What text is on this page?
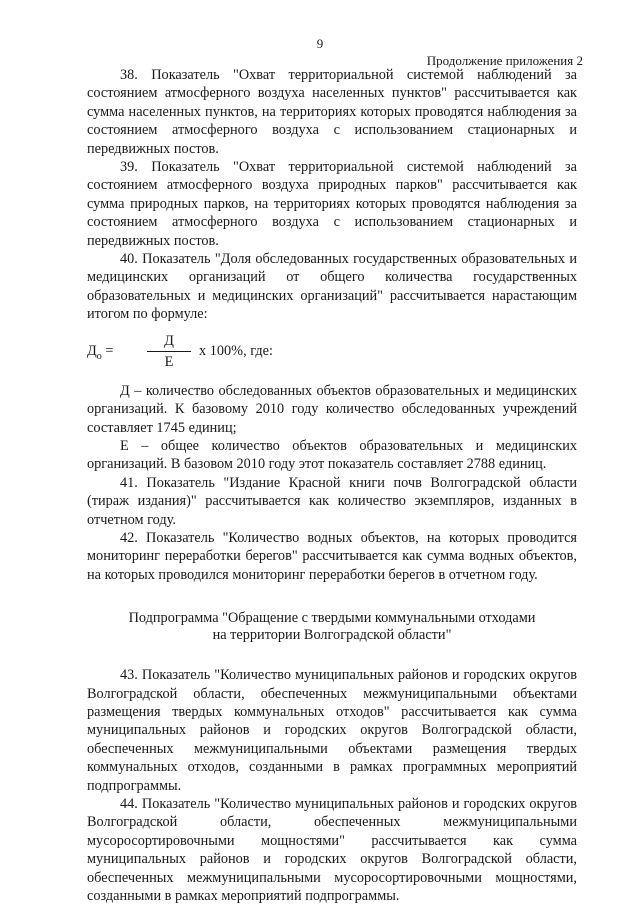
9
Продолжение приложения 2

38. Показатель "Охват территориальной системой наблюдений за состоянием атмосферного воздуха населенных пунктов" рассчитывается как сумма населенных пунктов, на территориях которых проводятся наблюдения за состоянием атмосферного воздуха с использованием стационарных и передвижных постов.

39. Показатель "Охват территориальной системой наблюдений за состоянием атмосферного воздуха природных парков" рассчитывается как сумма природных парков, на территориях которых проводятся наблюдения за состоянием атмосферного воздуха с использованием стационарных и передвижных постов.

40. Показатель "Доля обследованных государственных образовательных и медицинских организаций от общего количества государственных образовательных и медицинских организаций" рассчитывается нарастающим итогом по формуле:

$Д_о$ =
Д
Е
x 100%, где:

Д – количество обследованных объектов образовательных и медицинских организаций. К базовому 2010 году количество обследованных учреждений составляет 1745 единиц;

Е – общее количество объектов образовательных и медицинских организаций. В базовом 2010 году этот показатель составляет 2788 единиц.

41. Показатель "Издание Красной книги почв Волгоградской области (тираж издания)" рассчитывается как количество экземпляров, изданных в отчетном году.

42. Показатель "Количество водных объектов, на которых проводится мониторинг переработки берегов" рассчитывается как сумма водных объектов, на которых проводился мониторинг переработки берегов в отчетном году.

Подпрограмма "Обращение с твердыми коммунальными отходами
на территории Волгоградской области"

43. Показатель "Количество муниципальных районов и городских округов Волгоградской области, обеспеченных межмуниципальными объектами размещения твердых коммунальных отходов" рассчитывается как сумма муниципальных районов и городских округов Волгоградской области, обеспеченных межмуниципальными объектами размещения твердых коммунальных отходов, созданными в рамках программных мероприятий подпрограммы.

44. Показатель "Количество муниципальных районов и городских округов Волгоградской области, обеспеченных межмуниципальными мусоросортировочными мощностями" рассчитывается как сумма муниципальных районов и городских округов Волгоградской области, обеспеченных межмуниципальными мусоросортировочными мощностями, созданными в рамках мероприятий подпрограммы.
